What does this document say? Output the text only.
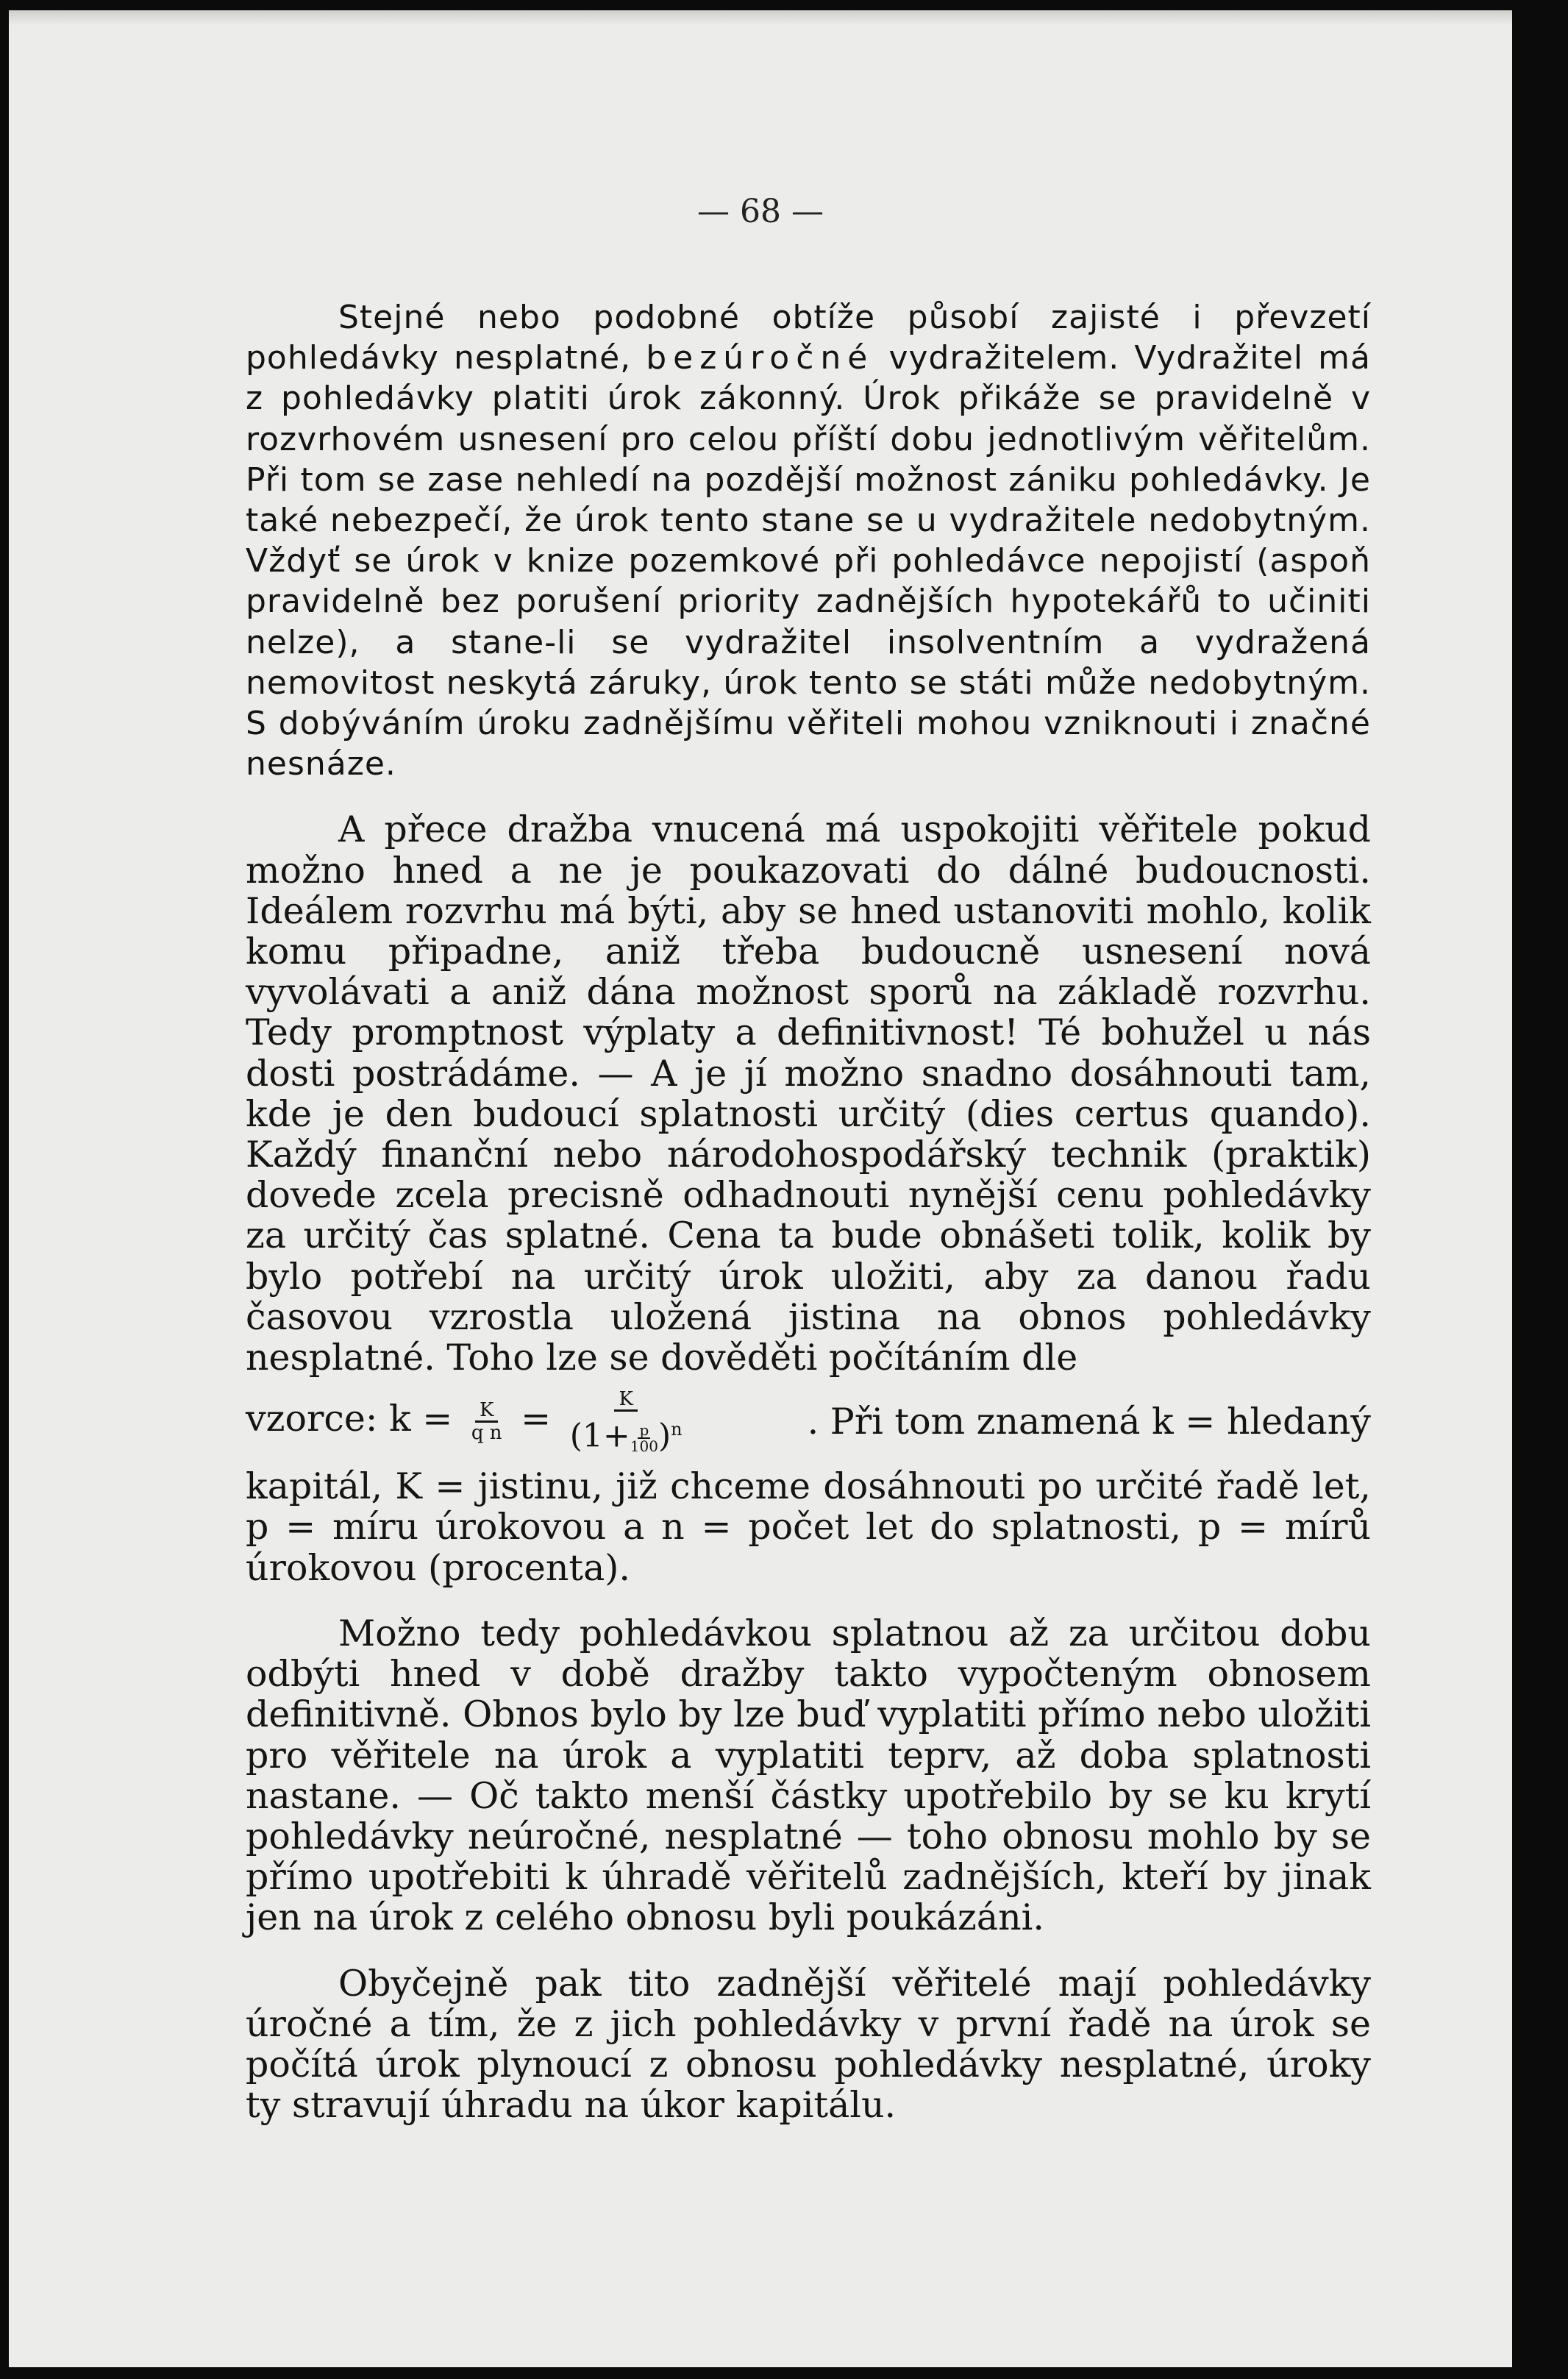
— 68 —

Stejné nebo podobné obtíže působí zajisté i převzetí pohledávky nesplatné, bezúročné vydražitelem. Vydražitel má z pohledávky platiti úrok zákonný. Úrok přikáže se pravidelně v rozvrhovém usnesení pro celou příští dobu jednotlivým věřitelům. Při tom se zase nehledí na pozdější možnost zániku pohledávky. Je také nebezpečí, že úrok tento stane se u vydražitele nedobytným. Vždyť se úrok v knize pozemkové při pohledávce nepojistí (aspoň pravidelně bez porušení priority zadnějších hypotekářů to učiniti nelze), a stane-li se vydražitel insolventním a vydražená nemovitost neskytá záruky, úrok tento se státi může nedobytným. S dobýváním úroku zadnějšímu věřiteli mohou vzniknouti i značné nesnáze.

A přece dražba vnucená má uspokojiti věřitele pokud možno hned a ne je poukazovati do dálné budoucnosti. Ideálem rozvrhu má býti, aby se hned ustanoviti mohlo, kolik komu připadne, aniž třeba budoucně usnesení nová vyvolávati a aniž dána možnost sporů na základě rozvrhu. Tedy promptnost výplaty a definitivnost! Té bohužel u nás dosti postrádáme. — A je jí možno snadno dosáhnouti tam, kde je den budoucí splatnosti určitý (dies certus quando). Každý finanční nebo národohospodářský technik (praktik) dovede zcela precisně odhadnouti nynější cenu pohledávky za určitý čas splatné. Cena ta bude obnášeti tolik, kolik by bylo potřebí na určitý úrok uložiti, aby za danou řadu časovou vzrostla uložená jistina na obnos pohledávky nesplatné. Toho lze se dověděti počítáním dle

vzorce: $k = \frac{K}{\text{q n}} = \frac{K}{(1+ \frac{p}{100} )^n}$	. Při tom znamená k = hledaný

kapitál, K = jistinu, již chceme dosáhnouti po určité řadě let, p = míru úrokovou a n = počet let do splatnosti, p = mírů úrokovou (procenta).

Možno tedy pohledávkou splatnou až za určitou dobu odbýti hned v době dražby takto vypočteným obnosem definitivně. Obnos bylo by lze buď vyplatiti přímo nebo uložiti pro věřitele na úrok a vyplatiti teprv, až doba splatnosti nastane. — Oč takto menší částky upotřebilo by se ku krytí pohledávky neúročné, nesplatné — toho obnosu mohlo by se přímo upotřebiti k úhradě věřitelů zadnějších, kteří by jinak jen na úrok z celého obnosu byli poukázáni.

Obyčejně pak tito zadnější věřitelé mají pohledávky úročné a tím, že z jich pohledávky v první řadě na úrok se počítá úrok plynoucí z obnosu pohledávky nesplatné, úroky ty stravují úhradu na úkor kapitálu.
